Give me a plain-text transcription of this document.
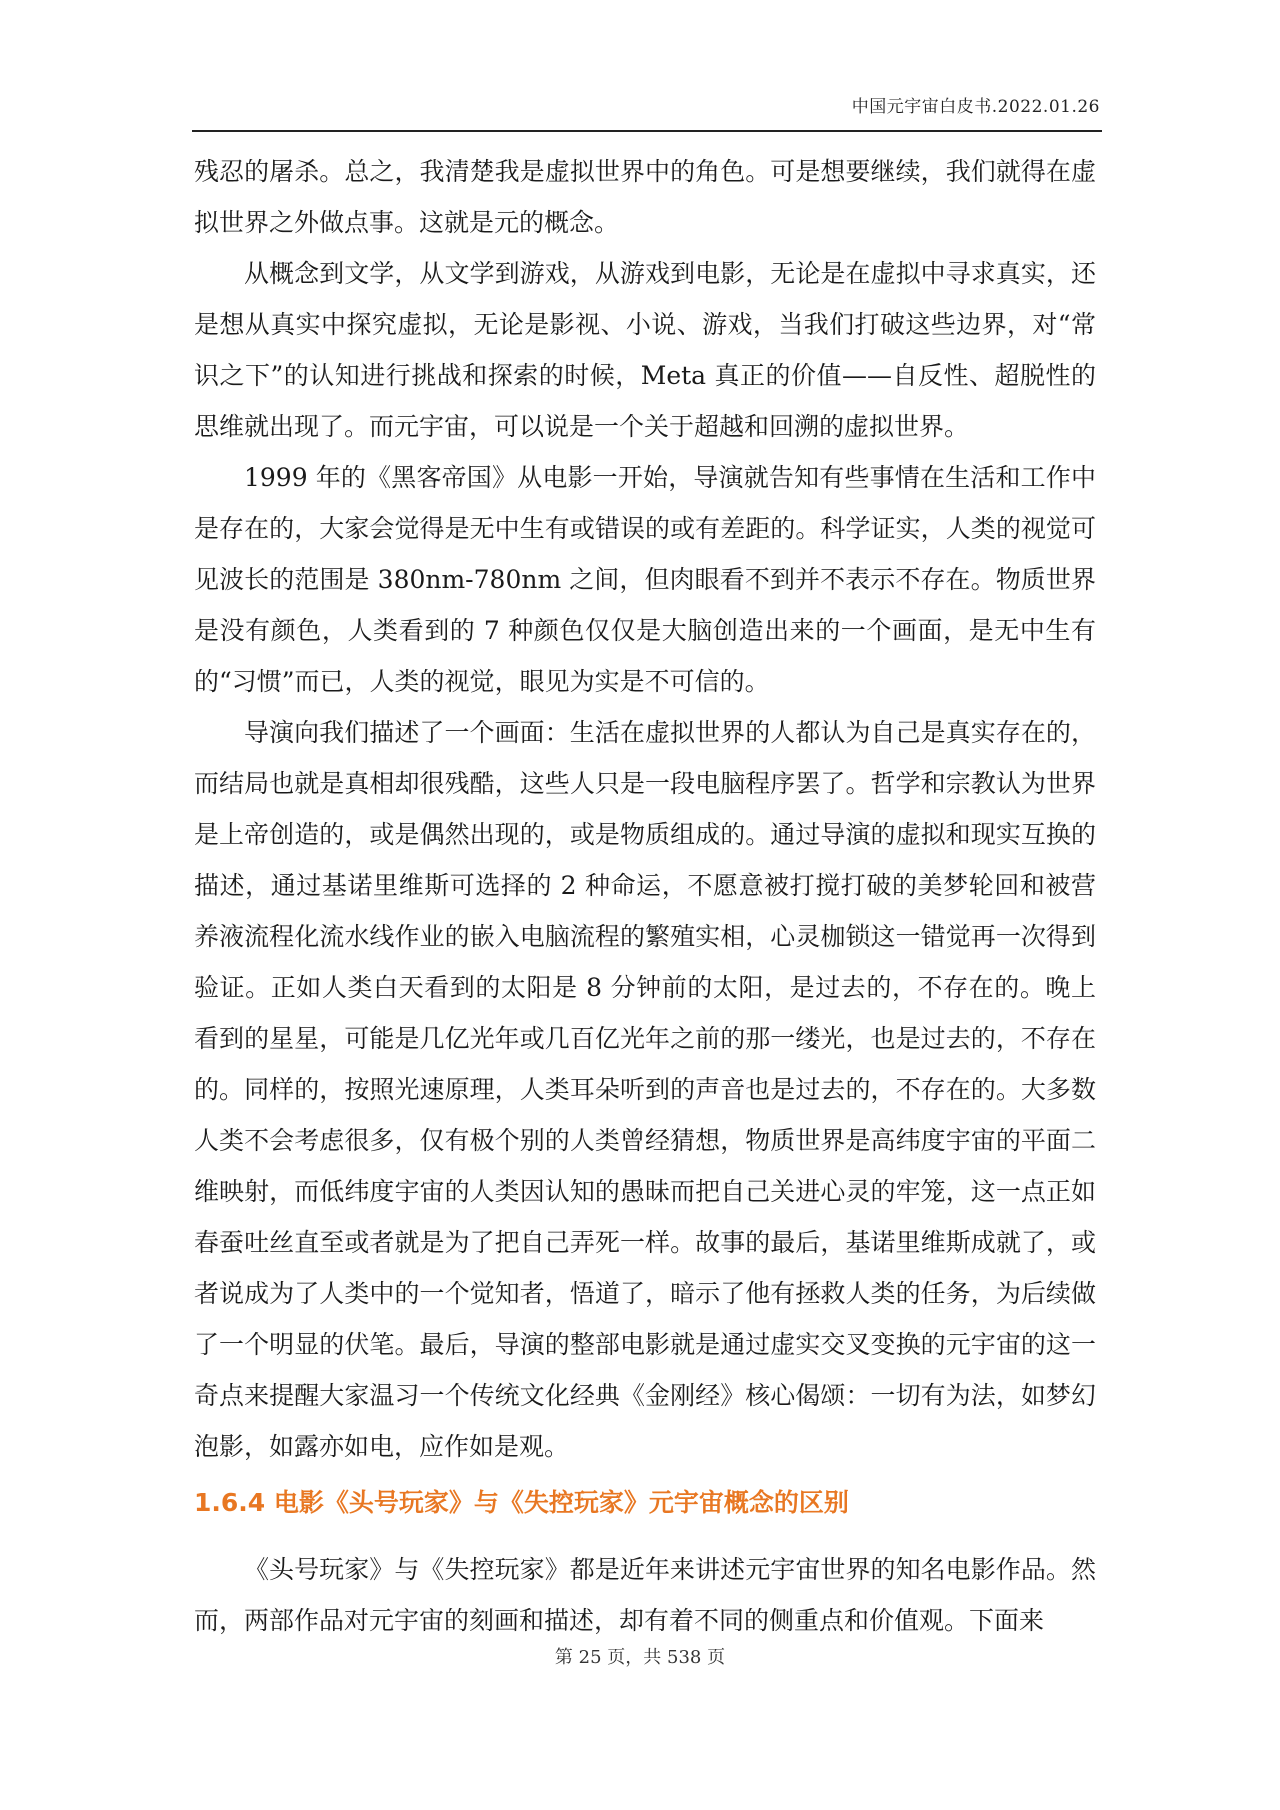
中国元宇宙白皮书.2022.01.26

残忍的屠杀。总之，我清楚我是虚拟世界中的角色。可是想要继续，我们就得在虚拟世界之外做点事。这就是元的概念。

从概念到文学，从文学到游戏，从游戏到电影，无论是在虚拟中寻求真实，还是想从真实中探究虚拟，无论是影视、小说、游戏，当我们打破这些边界，对“常识之下”的认知进行挑战和探索的时候，Meta 真正的价值——自反性、超脱性的思维就出现了。而元宇宙，可以说是一个关于超越和回溯的虚拟世界。

1999 年的《黑客帝国》从电影一开始，导演就告知有些事情在生活和工作中是存在的，大家会觉得是无中生有或错误的或有差距的。科学证实，人类的视觉可见波长的范围是 380nm-780nm 之间，但肉眼看不到并不表示不存在。物质世界是没有颜色，人类看到的 7 种颜色仅仅是大脑创造出来的一个画面，是无中生有的“习惯”而已，人类的视觉，眼见为实是不可信的。

导演向我们描述了一个画面：生活在虚拟世界的人都认为自己是真实存在的，而结局也就是真相却很残酷，这些人只是一段电脑程序罢了。哲学和宗教认为世界是上帝创造的，或是偶然出现的，或是物质组成的。通过导演的虚拟和现实互换的描述，通过基诺里维斯可选择的 2 种命运，不愿意被打搅打破的美梦轮回和被营养液流程化流水线作业的嵌入电脑流程的繁殖实相，心灵枷锁这一错觉再一次得到验证。正如人类白天看到的太阳是 8 分钟前的太阳，是过去的，不存在的。晚上看到的星星，可能是几亿光年或几百亿光年之前的那一缕光，也是过去的，不存在的。同样的，按照光速原理，人类耳朵听到的声音也是过去的，不存在的。大多数人类不会考虑很多，仅有极个别的人类曾经猜想，物质世界是高纬度宇宙的平面二维映射，而低纬度宇宙的人类因认知的愚昧而把自己关进心灵的牢笼，这一点正如春蚕吐丝直至或者就是为了把自己弄死一样。故事的最后，基诺里维斯成就了，或者说成为了人类中的一个觉知者，悟道了，暗示了他有拯救人类的任务，为后续做了一个明显的伏笔。最后，导演的整部电影就是通过虚实交叉变换的元宇宙的这一奇点来提醒大家温习一个传统文化经典《金刚经》核心偈颂：一切有为法，如梦幻泡影，如露亦如电，应作如是观。

1.6.4 电影《头号玩家》与《失控玩家》元宇宙概念的区别

《头号玩家》与《失控玩家》都是近年来讲述元宇宙世界的知名电影作品。然而，两部作品对元宇宙的刻画和描述，却有着不同的侧重点和价值观。下面来

第 25 页，共 538 页
